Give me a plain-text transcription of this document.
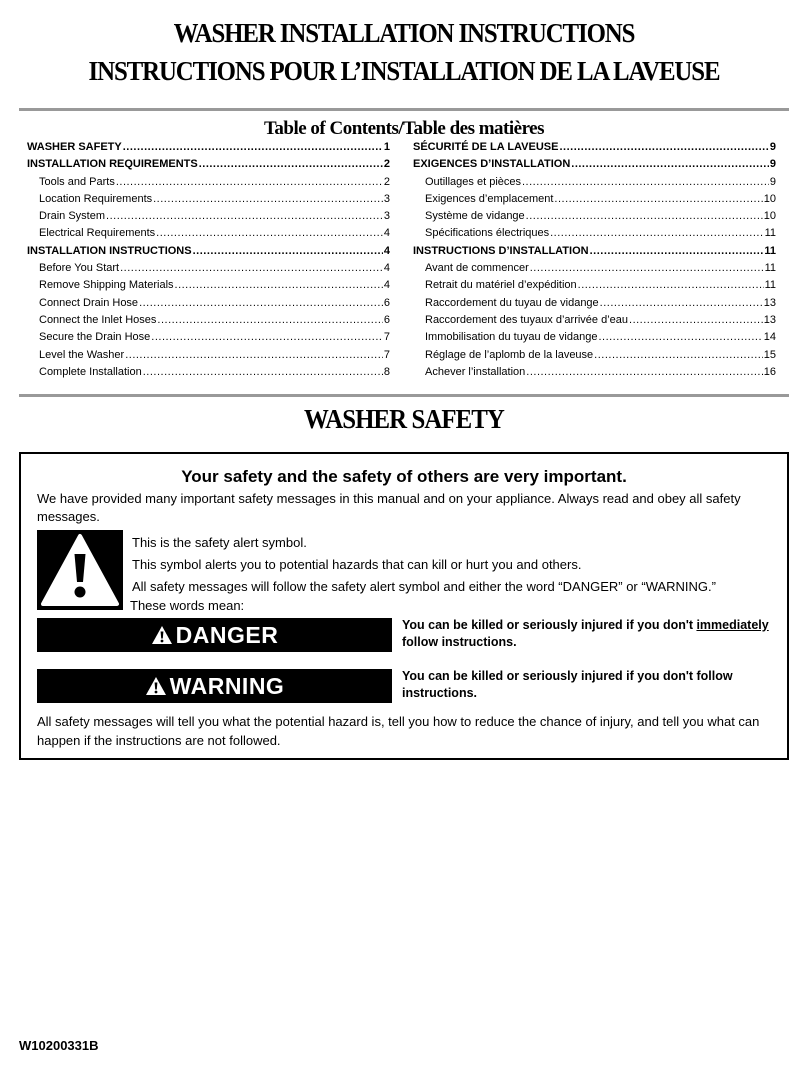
WASHER INSTALLATION INSTRUCTIONS
INSTRUCTIONS POUR L’INSTALLATION DE LA LAVEUSE
Table of Contents/Table des matières
WASHER SAFETY .....	1
INSTALLATION REQUIREMENTS .....	2
Tools and Parts .....	2
Location Requirements .....	3
Drain System .....	3
Electrical Requirements .....	4
INSTALLATION INSTRUCTIONS .....	4
Before You Start .....	4
Remove Shipping Materials .....	4
Connect Drain Hose .....	6
Connect the Inlet Hoses .....	6
Secure the Drain Hose .....	7
Level the Washer .....	7
Complete Installation .....	8
SÉCURITÉ DE LA LAVEUSE .....	9
EXIGENCES D’INSTALLATION .....	9
Outillages et pièces .....	9
Exigences d’emplacement .....	10
Système de vidange .....	10
Spécifications électriques .....	11
INSTRUCTIONS D’INSTALLATION .....	11
Avant de commencer .....	11
Retrait du matériel d’expédition .....	11
Raccordement du tuyau de vidange .....	13
Raccordement des tuyaux d’arrivée d’eau .....	13
Immobilisation du tuyau de vidange .....	14
Réglage de l’aplomb de la laveuse .....	15
Achever l’installation .....	16
WASHER SAFETY
Your safety and the safety of others are very important.
We have provided many important safety messages in this manual and on your appliance. Always read and obey all safety messages.
This is the safety alert symbol.
This symbol alerts you to potential hazards that can kill or hurt you and others.
All safety messages will follow the safety alert symbol and either the word “DANGER” or “WARNING.”
These words mean:
DANGER	You can be killed or seriously injured if you don't immediately follow instructions.
WARNING	You can be killed or seriously injured if you don't follow instructions.
All safety messages will tell you what the potential hazard is, tell you how to reduce the chance of injury, and tell you what can happen if the instructions are not followed.
W10200331B
